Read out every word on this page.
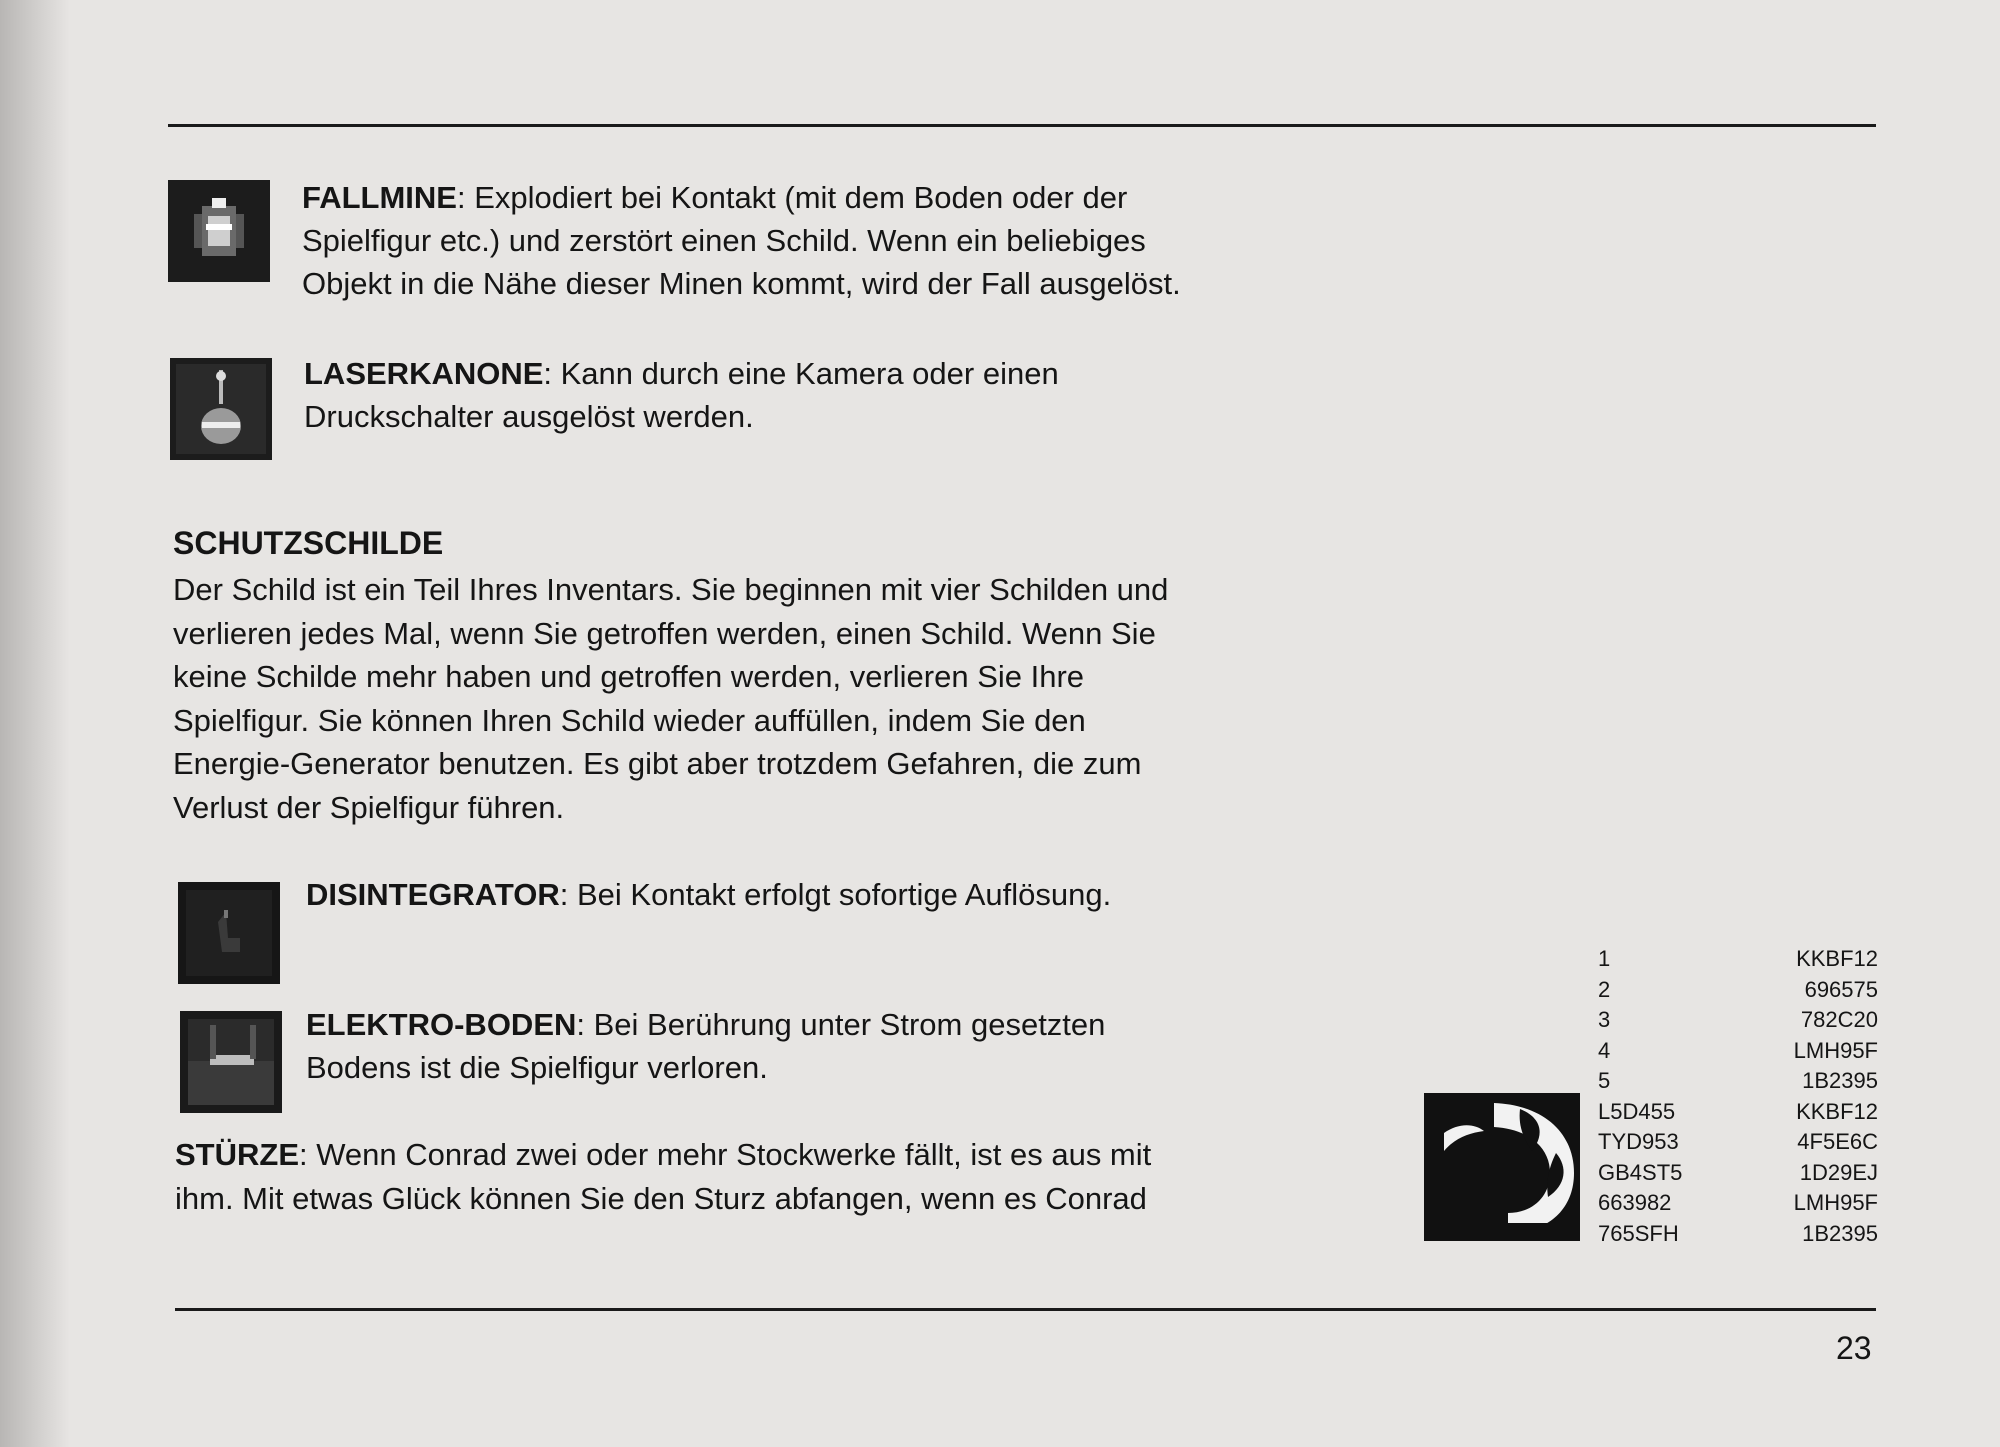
FALLMINE: Explodiert bei Kontakt (mit dem Boden oder der
Spielfigur etc.) und zerstört einen Schild. Wenn ein beliebiges
Objekt in die Nähe dieser Minen kommt, wird der Fall ausgelöst.
LASERKANONE: Kann durch eine Kamera oder einen
Druckschalter ausgelöst werden.
SCHUTZSCHILDE
Der Schild ist ein Teil Ihres Inventars. Sie beginnen mit vier Schilden und
verlieren jedes Mal, wenn Sie getroffen werden, einen Schild. Wenn Sie
keine Schilde mehr haben und getroffen werden, verlieren Sie Ihre
Spielfigur. Sie können Ihren Schild wieder auffüllen, indem Sie den
Energie-Generator benutzen. Es gibt aber trotzdem Gefahren, die zum
Verlust der Spielfigur führen.
DISINTEGRATOR: Bei Kontakt erfolgt sofortige Auflösung.
ELEKTRO-BODEN: Bei Berührung unter Strom gesetzten
Bodens ist die Spielfigur verloren.
STÜRZE: Wenn Conrad zwei oder mehr Stockwerke fällt, ist es aus mit
ihm. Mit etwas Glück können Sie den Sturz abfangen, wenn es Conrad
1	KKBF12
2	696575
3	782C20
4	LMH95F
5	1B2395
L5D455	KKBF12
TYD953	4F5E6C
GB4ST5	1D29EJ
663982	LMH95F
765SFH	1B2395
23
